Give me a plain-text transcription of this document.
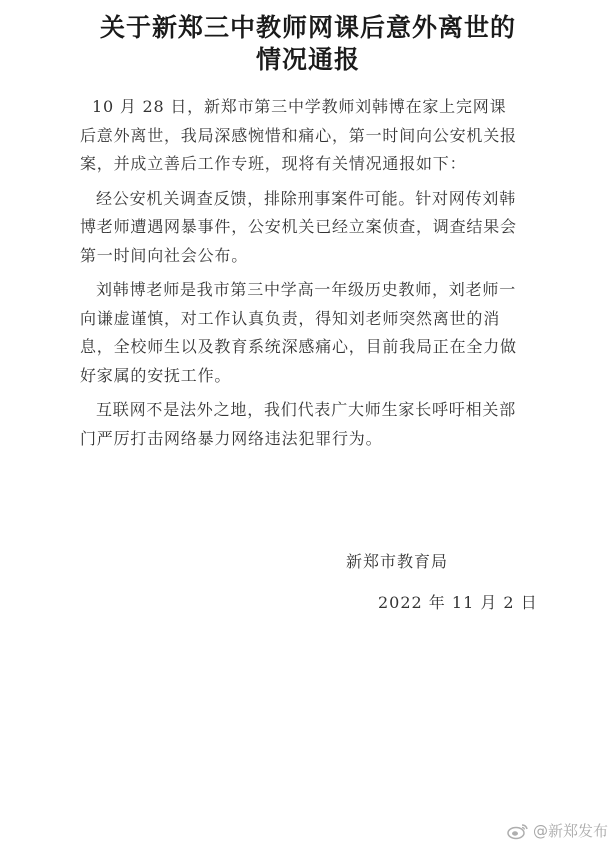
关于新郑三中教师网课后意外离世的
情况通报

10 月 28 日，新郑市第三中学教师刘韩博在家上完网课后意外离世，我局深感惋惜和痛心，第一时间向公安机关报案，并成立善后工作专班，现将有关情况通报如下：

经公安机关调查反馈，排除刑事案件可能。针对网传刘韩博老师遭遇网暴事件，公安机关已经立案侦查，调查结果会第一时间向社会公布。

刘韩博老师是我市第三中学高一年级历史教师，刘老师一向谦虚谨慎，对工作认真负责，得知刘老师突然离世的消息，全校师生以及教育系统深感痛心，目前我局正在全力做好家属的安抚工作。

互联网不是法外之地，我们代表广大师生家长呼吁相关部门严厉打击网络暴力网络违法犯罪行为。

新郑市教育局
2022 年 11 月 2 日
@新郑发布
